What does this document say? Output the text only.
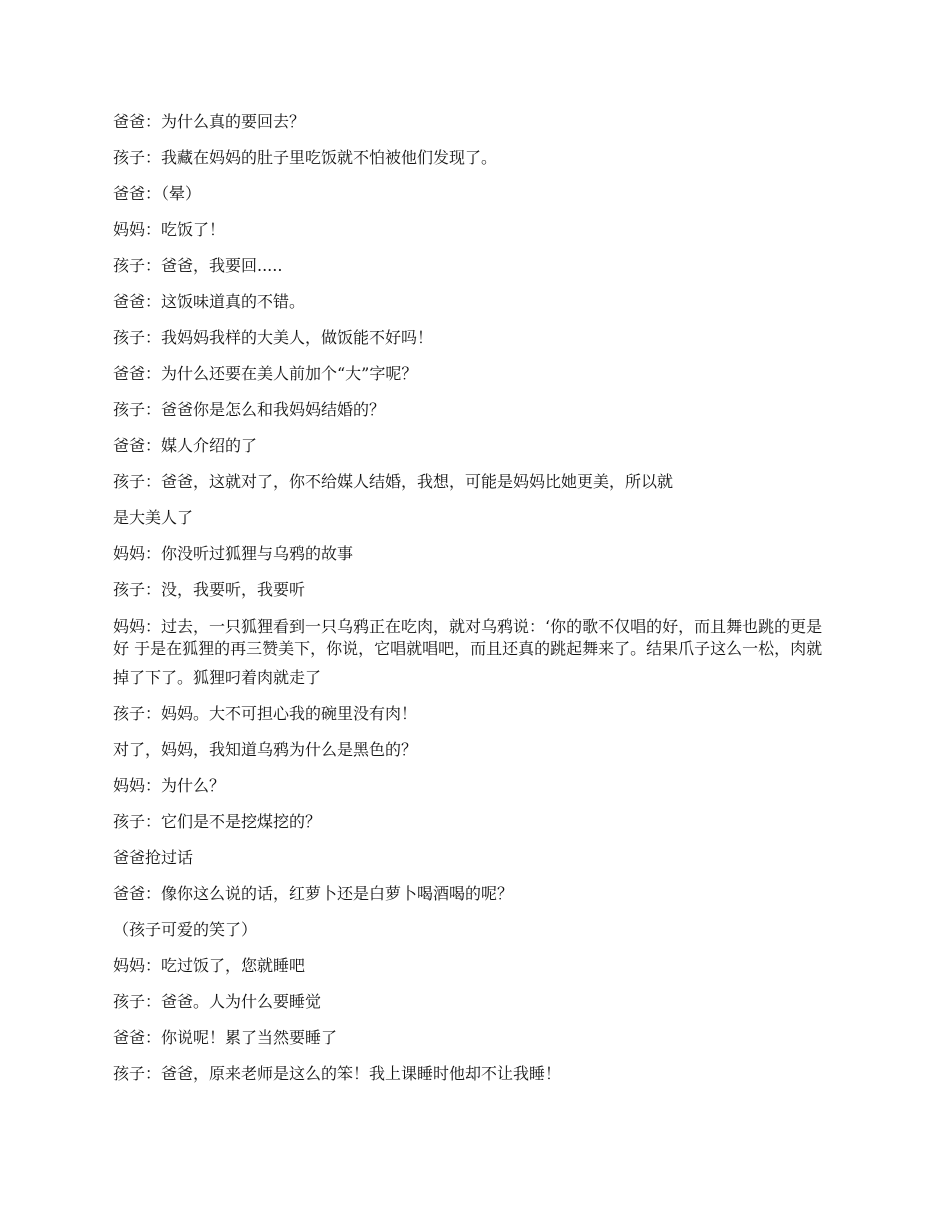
爸爸：为什么真的要回去？

孩子：我藏在妈妈的肚子里吃饭就不怕被他们发现了。

爸爸：（晕）

妈妈：吃饭了！

孩子：爸爸，我要回.....

爸爸：这饭味道真的不错。

孩子：我妈妈我样的大美人，做饭能不好吗！

爸爸：为什么还要在美人前加个“大”字呢？

孩子：爸爸你是怎么和我妈妈结婚的？

爸爸：媒人介绍的了

孩子：爸爸，这就对了，你不给媒人结婚，我想，可能是妈妈比她更美，所以就

是大美人了

妈妈：你没听过狐狸与乌鸦的故事

孩子：没，我要听，我要听

妈妈：过去，一只狐狸看到一只乌鸦正在吃肉，就对乌鸦说：‘你的歌不仅唱的好，而且舞也跳的更是好 于是在狐狸的再三赞美下，你说，它唱就唱吧，而且还真的跳起舞来了。结果爪子这么一松，肉就

掉了下了。狐狸叼着肉就走了

孩子：妈妈。大不可担心我的碗里没有肉！

对了，妈妈，我知道乌鸦为什么是黑色的？

妈妈：为什么？

孩子：它们是不是挖煤挖的？

爸爸抢过话

爸爸：像你这么说的话，红萝卜还是白萝卜喝酒喝的呢？

（孩子可爱的笑了）

妈妈：吃过饭了，您就睡吧

孩子：爸爸。人为什么要睡觉

爸爸：你说呢！累了当然要睡了

孩子：爸爸，原来老师是这么的笨！我上课睡时他却不让我睡！
